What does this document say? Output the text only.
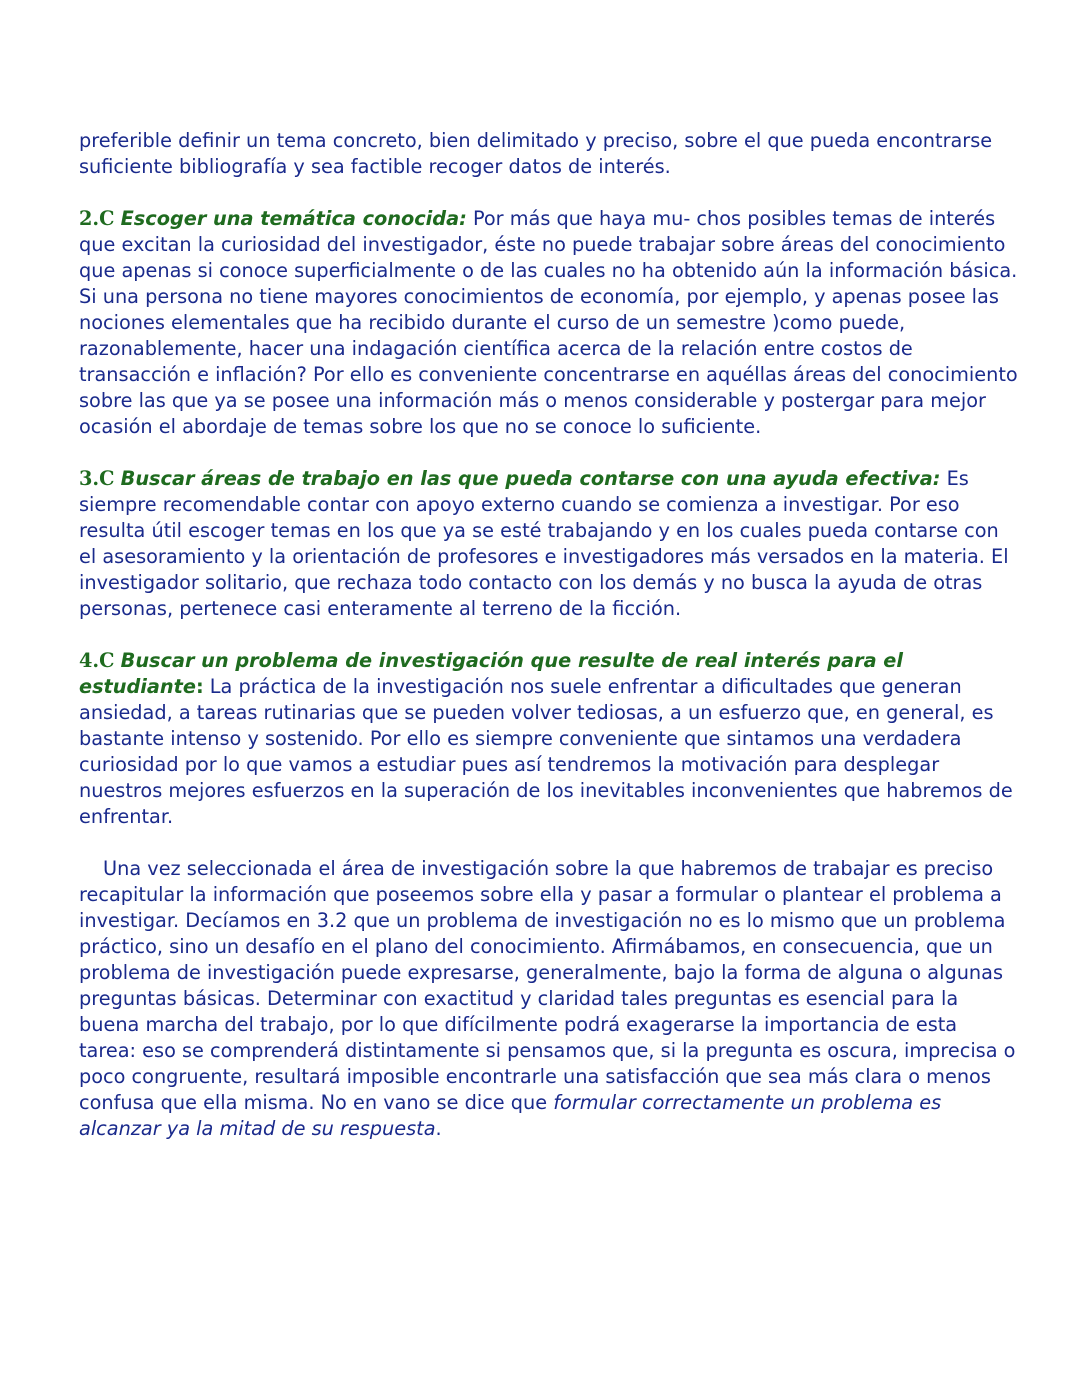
preferible definir un tema concreto, bien delimitado y preciso, sobre el que pueda encontrarse suficiente bibliografía y sea factible recoger datos de interés.

2.C Escoger una temática conocida: Por más que haya mu- chos posibles temas de interés que excitan la curiosidad del investigador, éste no puede trabajar sobre áreas del conocimiento que apenas si conoce superficialmente o de las cuales no ha obtenido aún la información básica. Si una persona no tiene mayores conocimientos de economía, por ejemplo, y apenas posee las nociones elementales que ha recibido durante el curso de un semestre )como puede, razonablemente, hacer una indagación científica acerca de la relación entre costos de transacción e inflación? Por ello es conveniente concentrarse en aquéllas áreas del conocimiento sobre las que ya se posee una información más o menos considerable y postergar para mejor ocasión el abordaje de temas sobre los que no se conoce lo suficiente.

3.C Buscar áreas de trabajo en las que pueda contarse con una ayuda efectiva: Es siempre recomendable contar con apoyo externo cuando se comienza a investigar. Por eso resulta útil escoger temas en los que ya se esté trabajando y en los cuales pueda contarse con el asesoramiento y la orientación de profesores e investigadores más versados en la materia. El investigador solitario, que rechaza todo contacto con los demás y no busca la ayuda de otras personas, pertenece casi enteramente al terreno de la ficción.

4.C Buscar un problema de investigación que resulte de real interés para el estudiante: La práctica de la investigación nos suele enfrentar a dificultades que generan ansiedad, a tareas rutinarias que se pueden volver tediosas, a un esfuerzo que, en general, es bastante intenso y sostenido. Por ello es siempre conveniente que sintamos una verdadera curiosidad por lo que vamos a estudiar pues así tendremos la motivación para desplegar nuestros mejores esfuerzos en la superación de los inevitables inconvenientes que habremos de enfrentar.

Una vez seleccionada el área de investigación sobre la que habremos de trabajar es preciso recapitular la información que poseemos sobre ella y pasar a formular o plantear el problema a investigar. Decíamos en 3.2 que un problema de investigación no es lo mismo que un problema práctico, sino un desafío en el plano del conocimiento. Afirmábamos, en consecuencia, que un problema de investigación puede expresarse, generalmente, bajo la forma de alguna o algunas preguntas básicas. Determinar con exactitud y claridad tales preguntas es esencial para la buena marcha del trabajo, por lo que difícilmente podrá exagerarse la importancia de esta tarea: eso se comprenderá distintamente si pensamos que, si la pregunta es oscura, imprecisa o poco congruente, resultará imposible encontrarle una satisfacción que sea más clara o menos confusa que ella misma. No en vano se dice que formular correctamente un problema es alcanzar ya la mitad de su respuesta.
